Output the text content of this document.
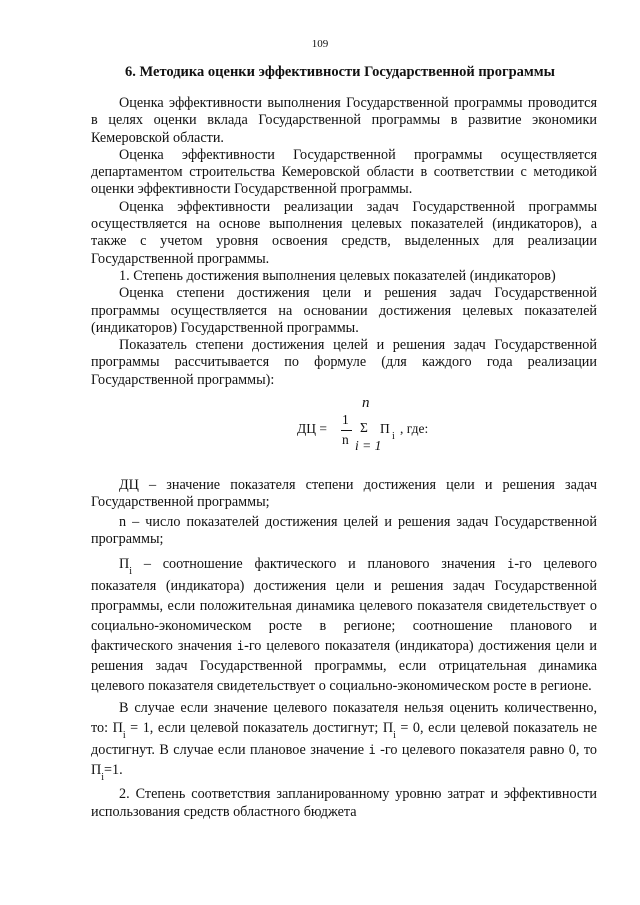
109
6. Методика оценки эффективности Государственной программы

Оценка эффективности выполнения Государственной программы проводится в целях оценки вклада Государственной программы в развитие экономики Кемеровской области.

Оценка эффективности Государственной программы осуществляется департаментом строительства Кемеровской области в соответствии с методикой оценки эффективности Государственной программы.

Оценка эффективности реализации задач Государственной программы осуществляется на основе выполнения целевых показателей (индикаторов), а также с учетом уровня освоения средств, выделенных для реализации Государственной программы.

1. Степень достижения выполнения целевых показателей (индикаторов)

Оценка степени достижения цели и решения задач Государственной программы осуществляется на основании достижения целевых показателей (индикаторов) Государственной программы.

Показатель степени достижения целей и решения задач Государственной программы рассчитывается по формуле (для каждого года реализации Государственной программы):

ДЦ =
1
n
n
Σ
i = 1
П
i
, где:

ДЦ – значение показателя степени достижения цели и решения задач Государственной программы;

n – число показателей достижения целей и решения задач Государственной программы;

$П_i$ – соотношение фактического и планового значения i-го целевого показателя (индикатора) достижения цели и решения задач Государственной программы, если положительная динамика целевого показателя свидетельствует о социально-экономическом росте в регионе; соотношение планового и фактического значения i-го целевого показателя (индикатора) достижения цели и решения задач Государственной программы, если отрицательная динамика целевого показателя свидетельствует о социально-экономическом росте в регионе.

В случае если значение целевого показателя нельзя оценить количественно, то: $П_i = 1$, если целевой показатель достигнут; $П_i = 0$, если целевой показатель не достигнут. В случае если плановое значение i -го целевого показателя равно 0, то $П_i=1$.

2. Степень соответствия запланированному уровню затрат и эффективности использования средств областного бюджета
